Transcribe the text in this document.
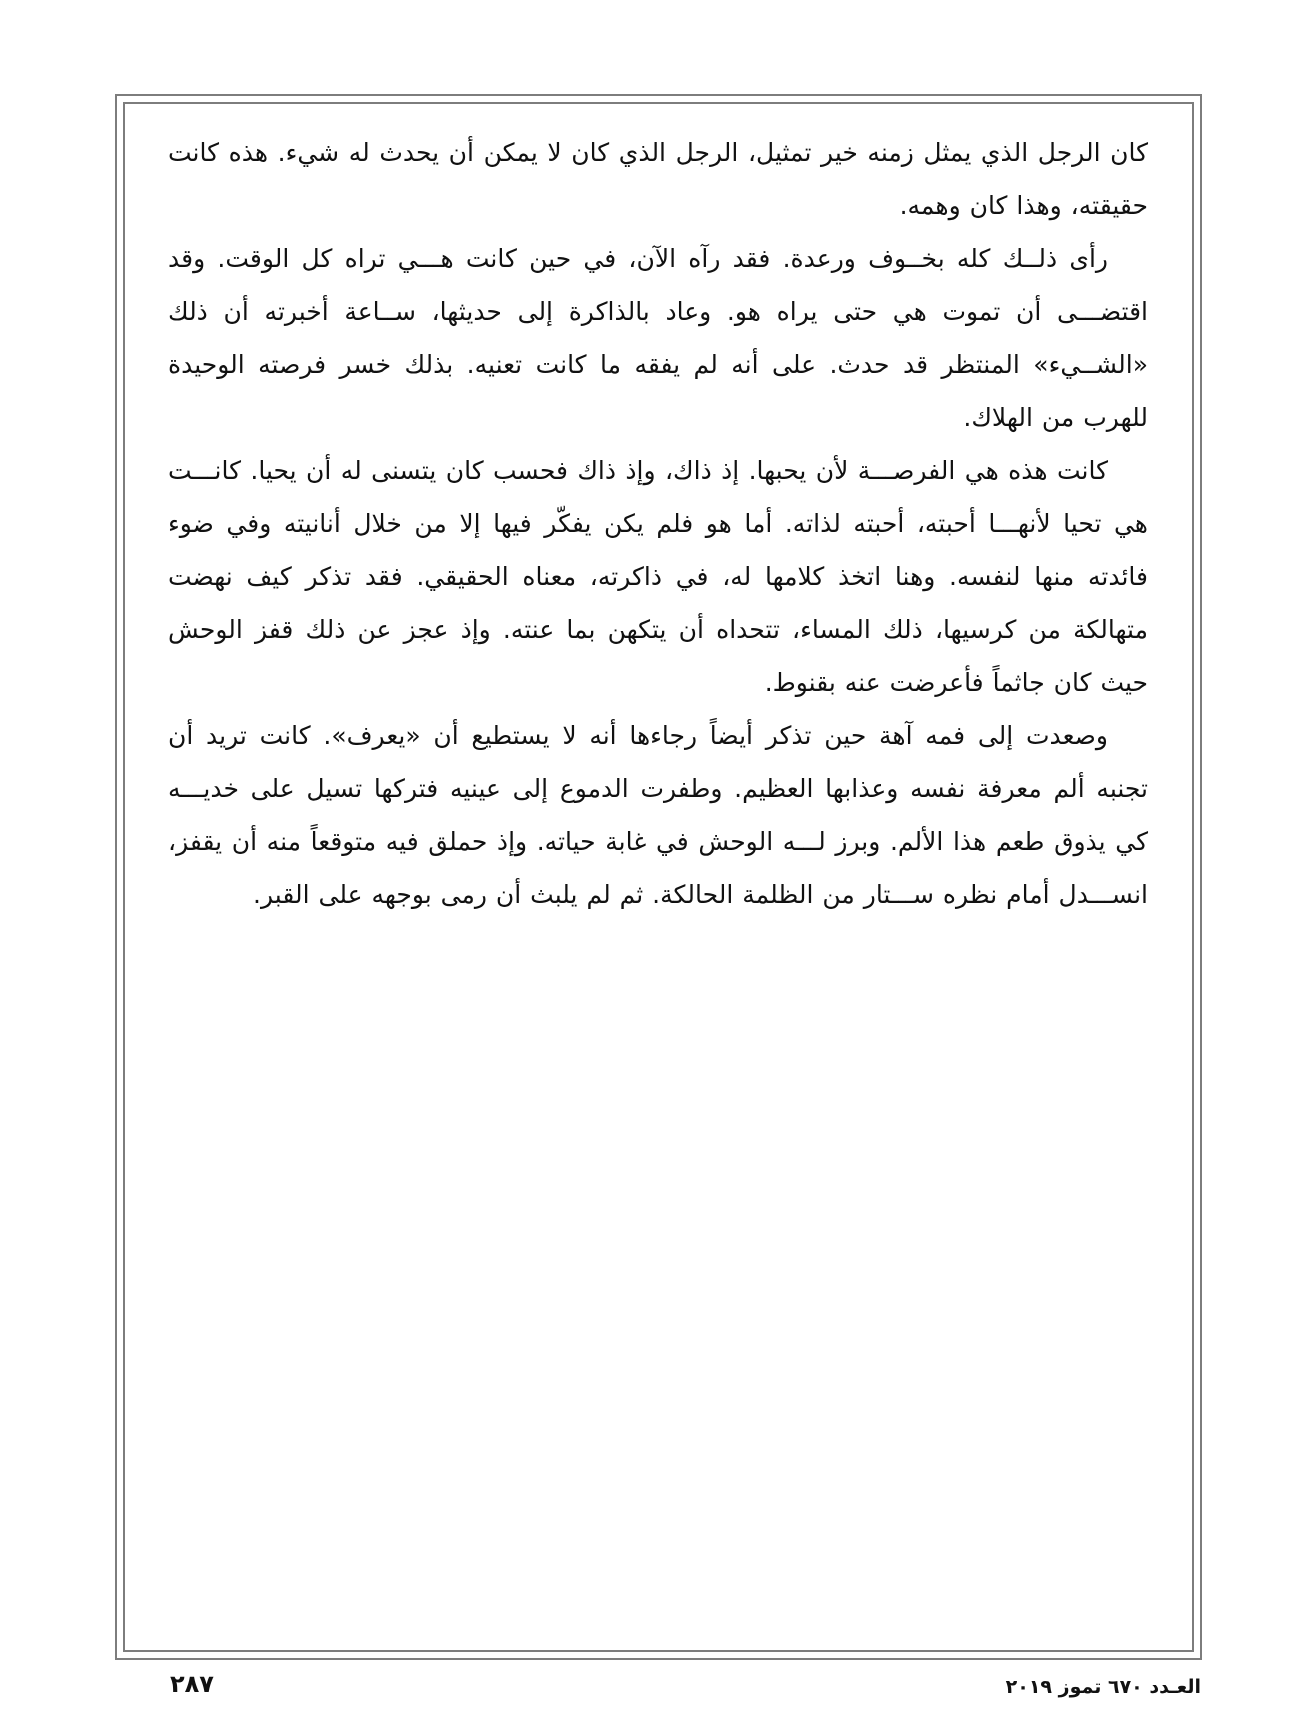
كان الرجل الذي يمثل زمنه خير تمثيل، الرجل الذي كان لا يمكن أن يحدث له شيء. هذه كانت حقيقته، وهذا كان وهمه.

رأى ذلــك كله بخــوف ورعدة. فقد رآه الآن، في حين كانت هـــي تراه كل الوقت. وقد اقتضـــى أن تموت هي حتى يراه هو. وعاد بالذاكرة إلى حديثها، ســاعة أخبرته أن ذلك «الشــيء» المنتظر قد حدث. على أنه لم يفقه ما كانت تعنيه. بذلك خسر فرصته الوحيدة للهرب من الهلاك.

كانت هذه هي الفرصـــة لأن يحبها. إذ ذاك، وإذ ذاك فحسب كان يتسنى له أن يحيا. كانـــت هي تحيا لأنهـــا أحبته، أحبته لذاته. أما هو فلم يكن يفكّر فيها إلا من خلال أنانيته وفي ضوء فائدته منها لنفسه. وهنا اتخذ كلامها له، في ذاكرته، معناه الحقيقي. فقد تذكر كيف نهضت متهالكة من كرسيها، ذلك المساء، تتحداه أن يتكهن بما عنته. وإذ عجز عن ذلك قفز الوحش حيث كان جاثماً فأعرضت عنه بقنوط.

وصعدت إلى فمه آهة حين تذكر أيضاً رجاءها أنه لا يستطيع أن «يعرف». كانت تريد أن تجنبه ألم معرفة نفسه وعذابها العظيم. وطفرت الدموع إلى عينيه فتركها تسيل على خديـــه كي يذوق طعم هذا الألم. وبرز لـــه الوحش في غابة حياته. وإذ حملق فيه متوقعاً منه أن يقفز، انســـدل أمام نظره ســـتار من الظلمة الحالكة. ثم لم يلبث أن رمى بوجهه على القبر.

العـدد ٦٧٠ تموز ٢٠١٩
٢٨٧
